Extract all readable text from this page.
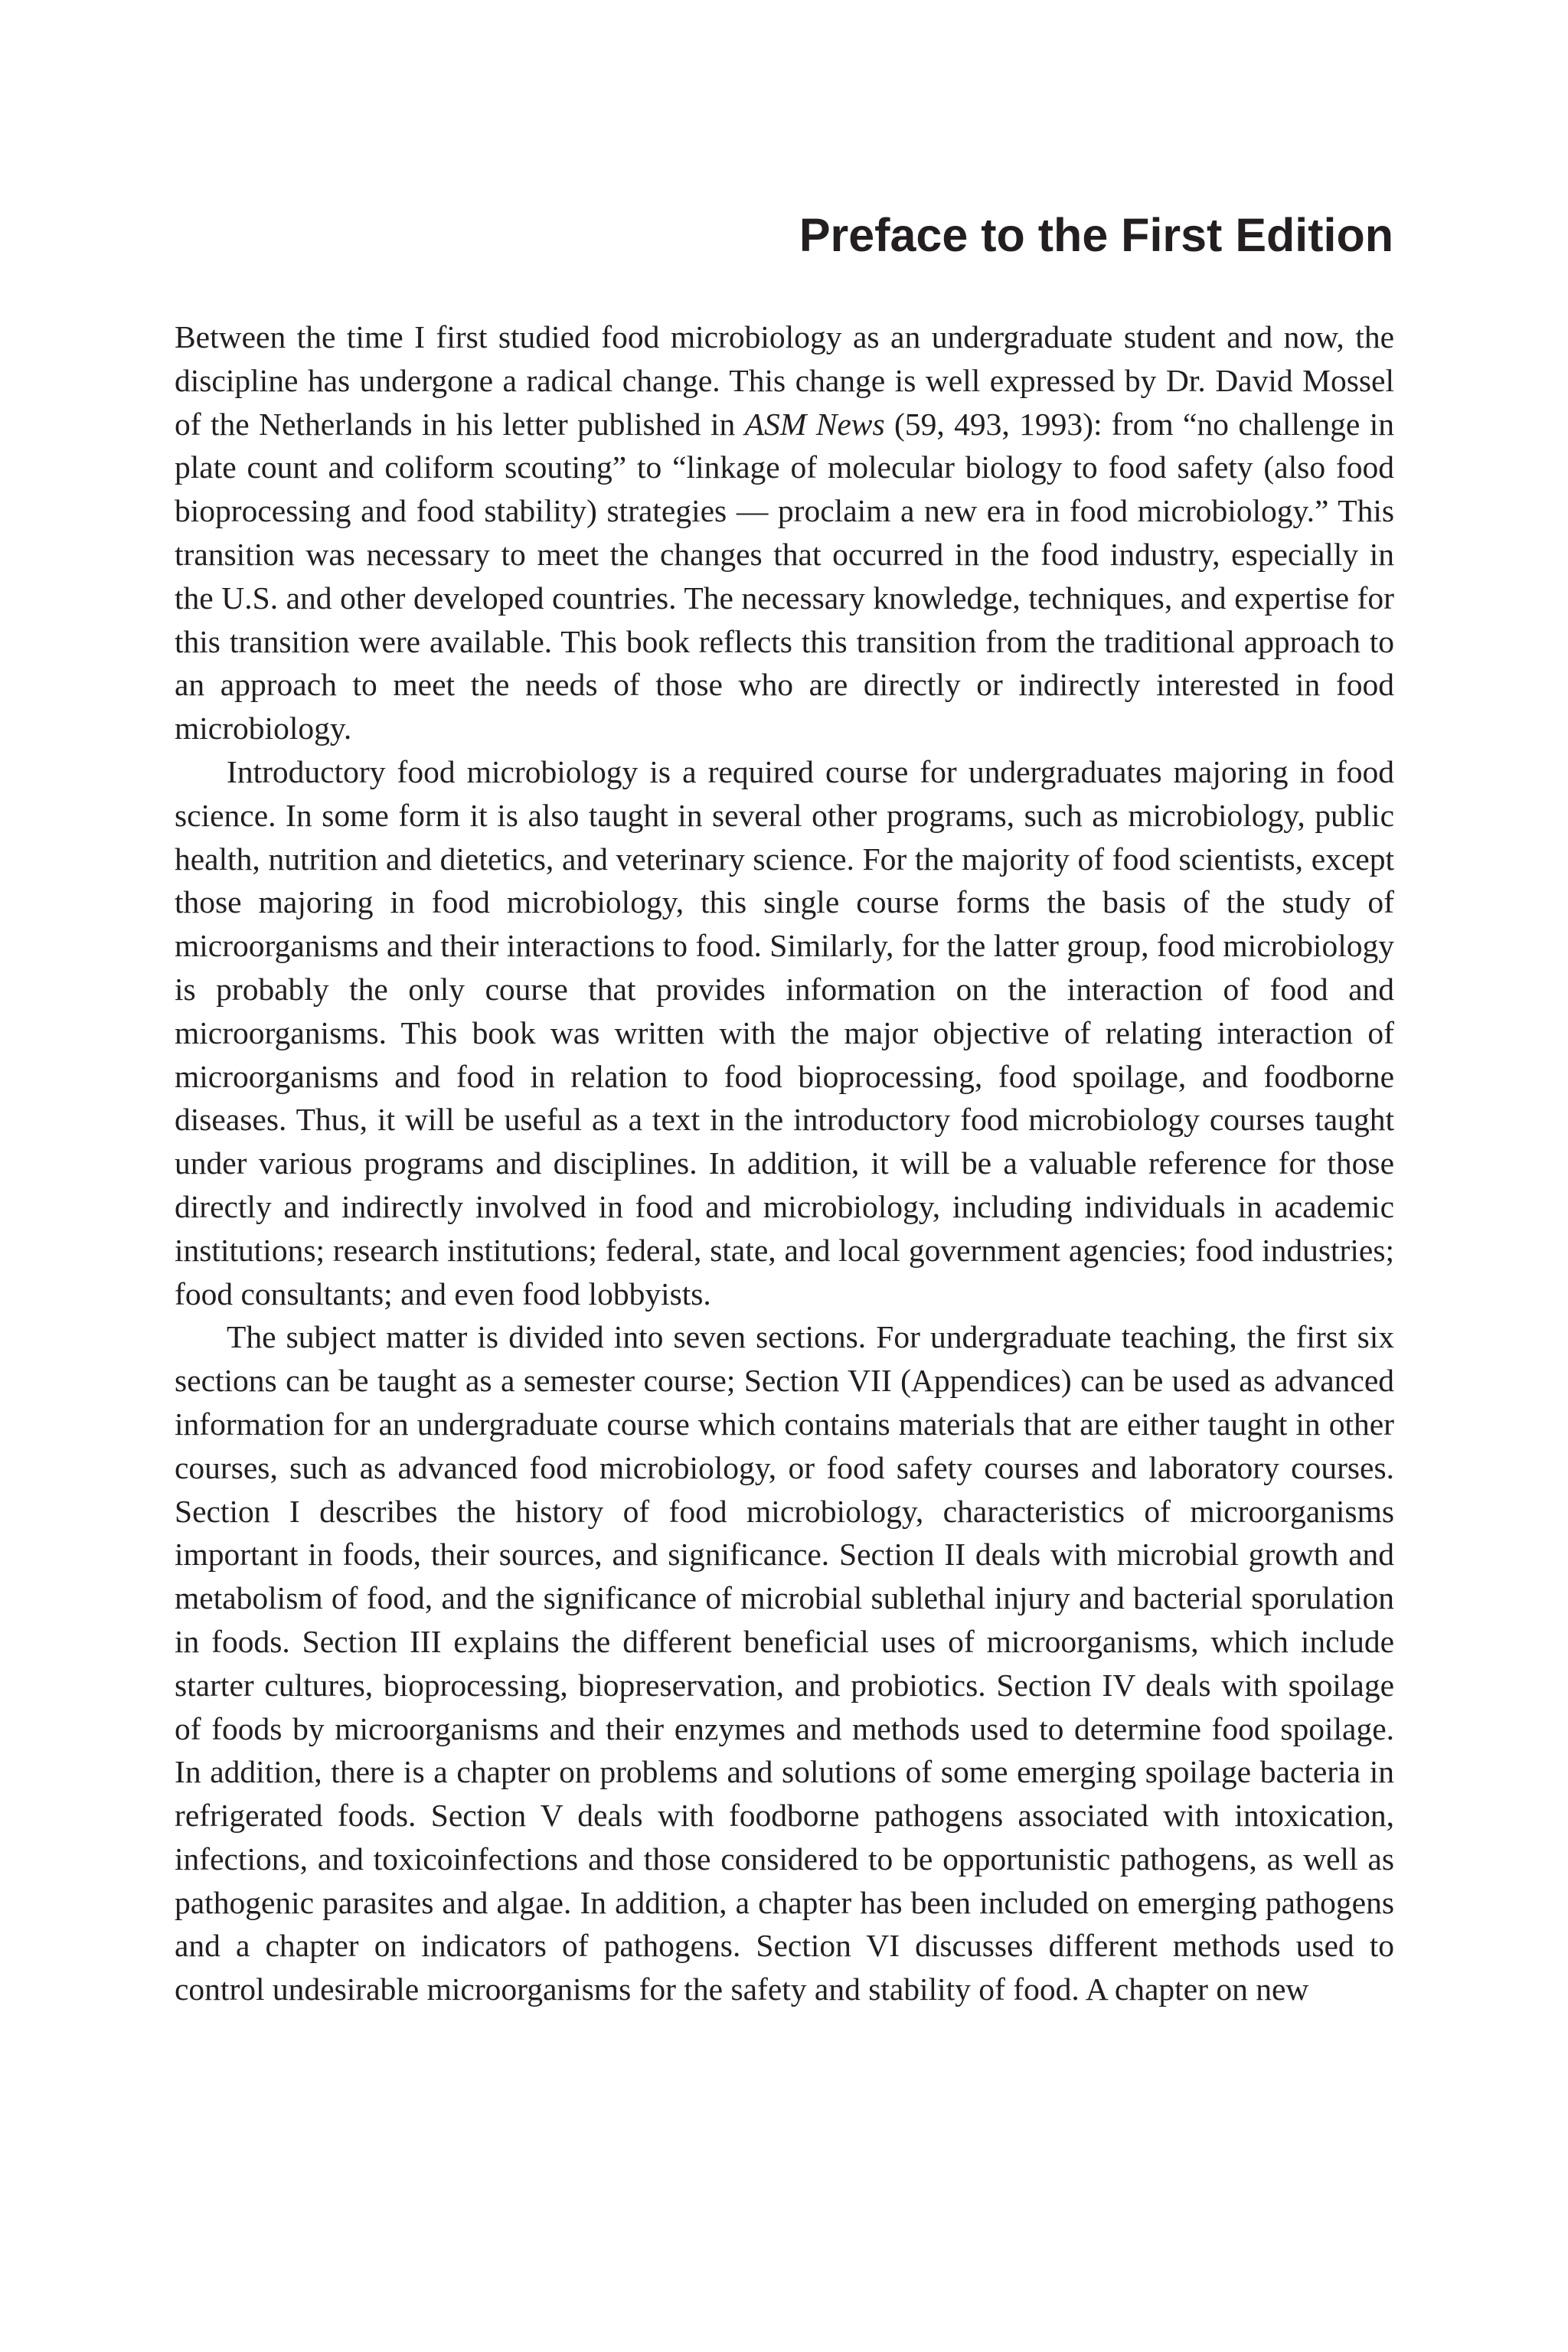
Preface to the First Edition

Between the time I first studied food microbiology as an undergraduate student and now, the discipline has undergone a radical change. This change is well expressed by Dr. David Mossel of the Netherlands in his letter published in ASM News (59, 493, 1993): from “no challenge in plate count and coliform scouting” to “linkage of molecular biology to food safety (also food bioprocessing and food stability) strategies — proclaim a new era in food microbiology.” This transition was necessary to meet the changes that occurred in the food industry, especially in the U.S. and other developed countries. The necessary knowledge, techniques, and expertise for this transition were available. This book reflects this transition from the traditional approach to an approach to meet the needs of those who are directly or indirectly interested in food microbiology.

Introductory food microbiology is a required course for undergraduates majoring in food science. In some form it is also taught in several other programs, such as microbiology, public health, nutrition and dietetics, and veterinary science. For the majority of food scientists, except those majoring in food microbiology, this single course forms the basis of the study of microorganisms and their interactions to food. Similarly, for the latter group, food microbiology is probably the only course that provides information on the interaction of food and microorganisms. This book was written with the major objective of relating interaction of microorganisms and food in relation to food bioprocessing, food spoilage, and foodborne diseases. Thus, it will be useful as a text in the introductory food microbiology courses taught under various programs and disciplines. In addition, it will be a valuable reference for those directly and indirectly involved in food and microbiology, including individuals in academic institutions; research institutions; federal, state, and local government agencies; food industries; food consultants; and even food lobbyists.

The subject matter is divided into seven sections. For undergraduate teaching, the first six sections can be taught as a semester course; Section VII (Appendices) can be used as advanced information for an undergraduate course which contains materials that are either taught in other courses, such as advanced food microbiology, or food safety courses and laboratory courses. Section I describes the history of food microbiology, characteristics of microorganisms important in foods, their sources, and significance. Section II deals with microbial growth and metabolism of food, and the significance of microbial sublethal injury and bacterial sporulation in foods. Section III explains the different beneficial uses of microorganisms, which include starter cultures, bioprocessing, biopreservation, and probiotics. Section IV deals with spoilage of foods by microorganisms and their enzymes and methods used to determine food spoilage. In addition, there is a chapter on problems and solutions of some emerging spoilage bacteria in refrigerated foods. Section V deals with foodborne pathogens associated with intoxication, infections, and toxicoinfections and those considered to be opportunistic pathogens, as well as pathogenic parasites and algae. In addition, a chapter has been included on emerging pathogens and a chapter on indicators of pathogens. Section VI discusses different methods used to control undesirable microorganisms for the safety and stability of food. A chapter on new
